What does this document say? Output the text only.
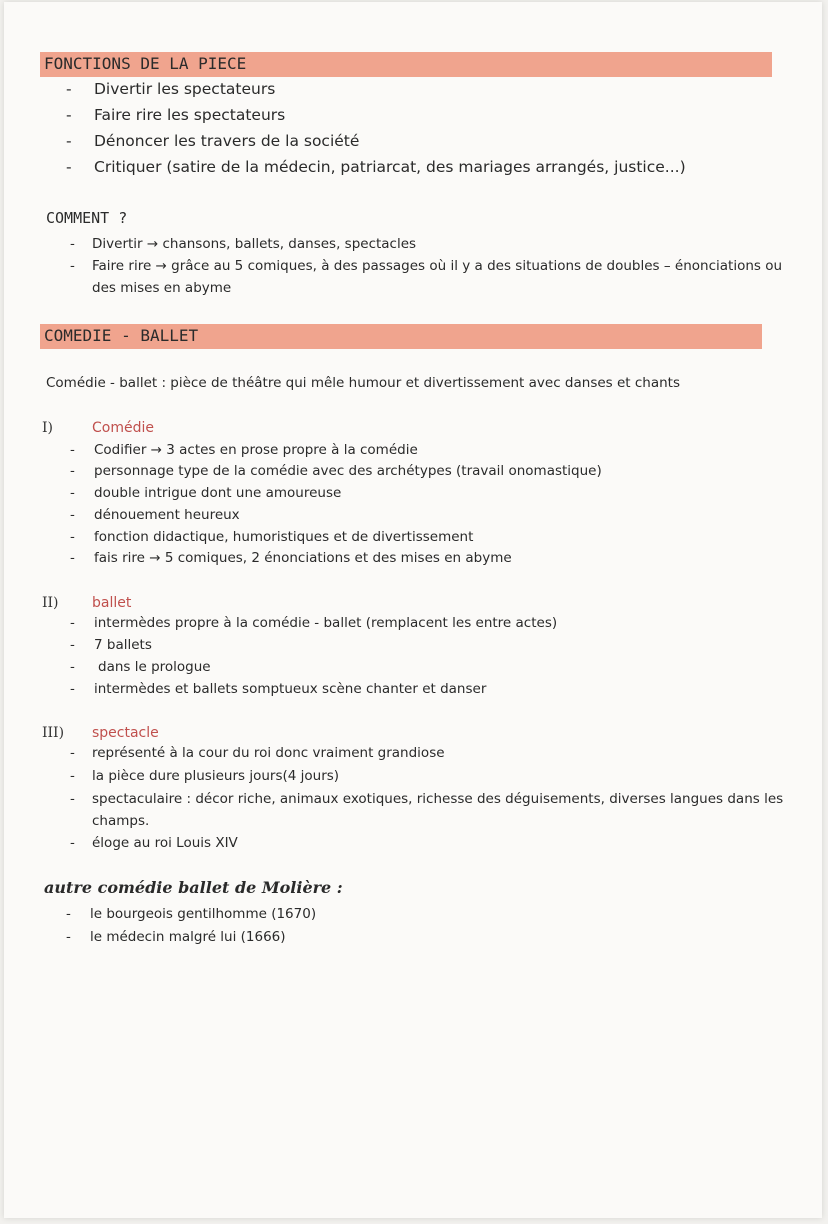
FONCTIONS DE LA PIECE
- Divertir les spectateurs
- Faire rire les spectateurs
- Dénoncer les travers de la société
- Critiquer (satire de la médecin, patriarcat, des mariages arrangés, justice...)
COMMENT ?
- Divertir → chansons, ballets, danses, spectacles
- Faire rire → grâce au 5 comiques, à des passages où il y a des situations de doubles – énonciations ou
des mises en abyme
COMEDIE - BALLET
Comédie - ballet : pièce de théâtre qui mêle humour et divertissement avec danses et chants
I)	Comédie
- Codifier → 3 actes en prose propre à la comédie
- personnage type de la comédie avec des archétypes (travail onomastique)
- double intrigue dont une amoureuse
- dénouement heureux
- fonction didactique, humoristiques et de divertissement
- fais rire → 5 comiques, 2 énonciations et des mises en abyme
II) ballet
- intermèdes propre à la comédie - ballet (remplacent les entre actes)
- 7 ballets
- dans le prologue
- intermèdes et ballets somptueux scène chanter et danser
III) spectacle
- représenté à la cour du roi donc vraiment grandiose
- la pièce dure plusieurs jours(4 jours)
- spectaculaire : décor riche, animaux exotiques, richesse des déguisements, diverses langues dans les
champs.
- éloge au roi Louis XIV
autre comédie ballet de Molière :
- le bourgeois gentilhomme (1670)
- le médecin malgré lui (1666)
